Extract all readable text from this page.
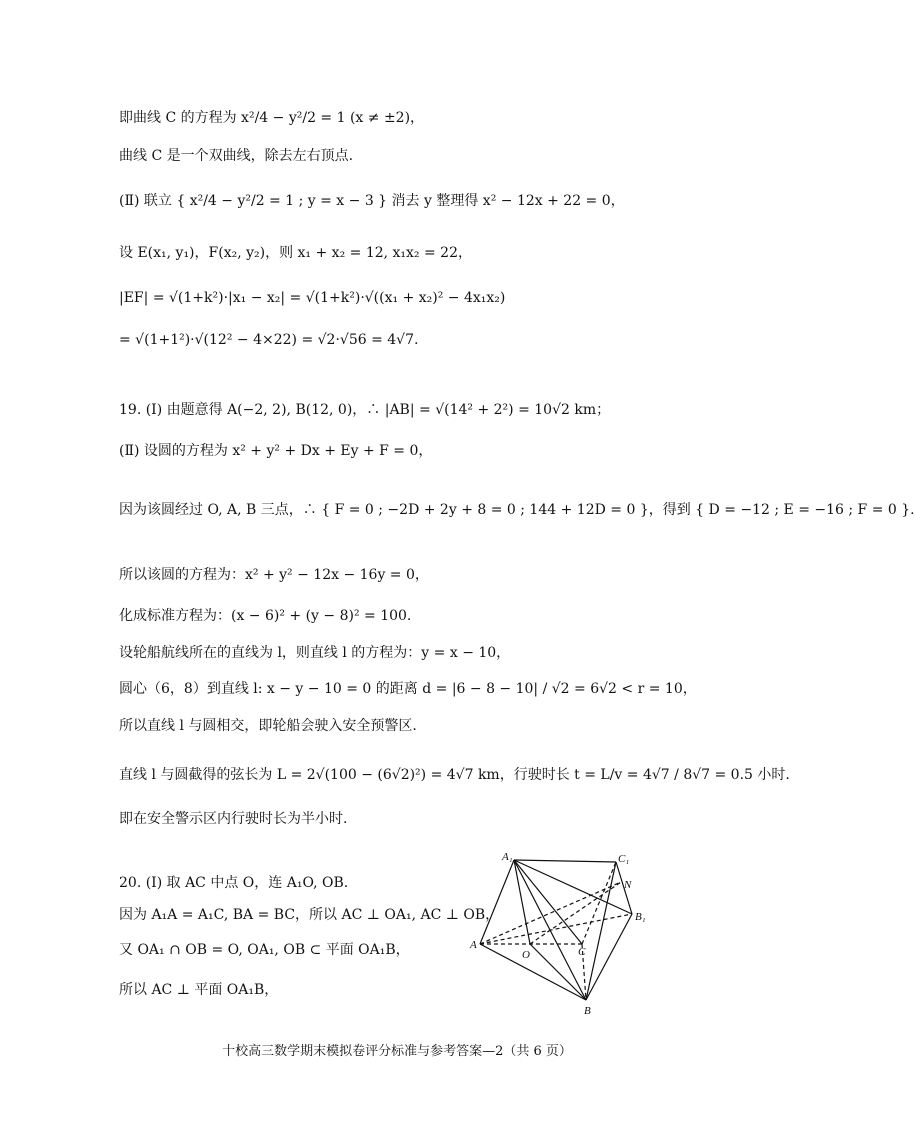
即曲线 C 的方程为 x²/4 − y²/2 = 1 (x ≠ ±2)，
曲线 C 是一个双曲线，除去左右顶点.
(Ⅱ) 联立 { x²/4 − y²/2 = 1 ; y = x − 3 } 消去 y 整理得 x² − 12x + 22 = 0，
设 E(x₁, y₁)，F(x₂, y₂)，则 x₁ + x₂ = 12, x₁x₂ = 22，
|EF| = √(1+k²)·|x₁ − x₂| = √(1+k²)·√((x₁ + x₂)² − 4x₁x₂)
= √(1+1²)·√(12² − 4×22) = √2·√56 = 4√7.
19. (Ⅰ) 由题意得 A(−2, 2), B(12, 0)，∴ |AB| = √(14² + 2²) = 10√2 km；
(Ⅱ) 设圆的方程为 x² + y² + Dx + Ey + F = 0，
因为该圆经过 O, A, B 三点，∴ { F = 0 ; −2D + 2y + 8 = 0 ; 144 + 12D = 0 }，得到 { D = −12 ; E = −16 ; F = 0 }.
所以该圆的方程为：x² + y² − 12x − 16y = 0，
化成标准方程为：(x − 6)² + (y − 8)² = 100.
设轮船航线所在的直线为 l，则直线 l 的方程为：y = x − 10，
圆心（6，8）到直线 l: x − y − 10 = 0 的距离 d = |6 − 8 − 10| / √2 = 6√2 < r = 10，
所以直线 l 与圆相交，即轮船会驶入安全预警区.
直线 l 与圆截得的弦长为 L = 2√(100 − (6√2)²) = 4√7 km，行驶时长 t = L/v = 4√7 / 8√7 = 0.5 小时.
即在安全警示区内行驶时长为半小时.
20. (Ⅰ) 取 AC 中点 O，连 A₁O, OB.
因为 A₁A = A₁C, BA = BC，所以 AC ⊥ OA₁, AC ⊥ OB，
又 OA₁ ∩ OB = O, OA₁, OB ⊂ 平面 OA₁B，
所以 AC ⊥ 平面 OA₁B，
A₁	C₁
N
B₁
A
O	C
B
十校高三数学期末模拟卷评分标准与参考答案—2（共 6 页）
